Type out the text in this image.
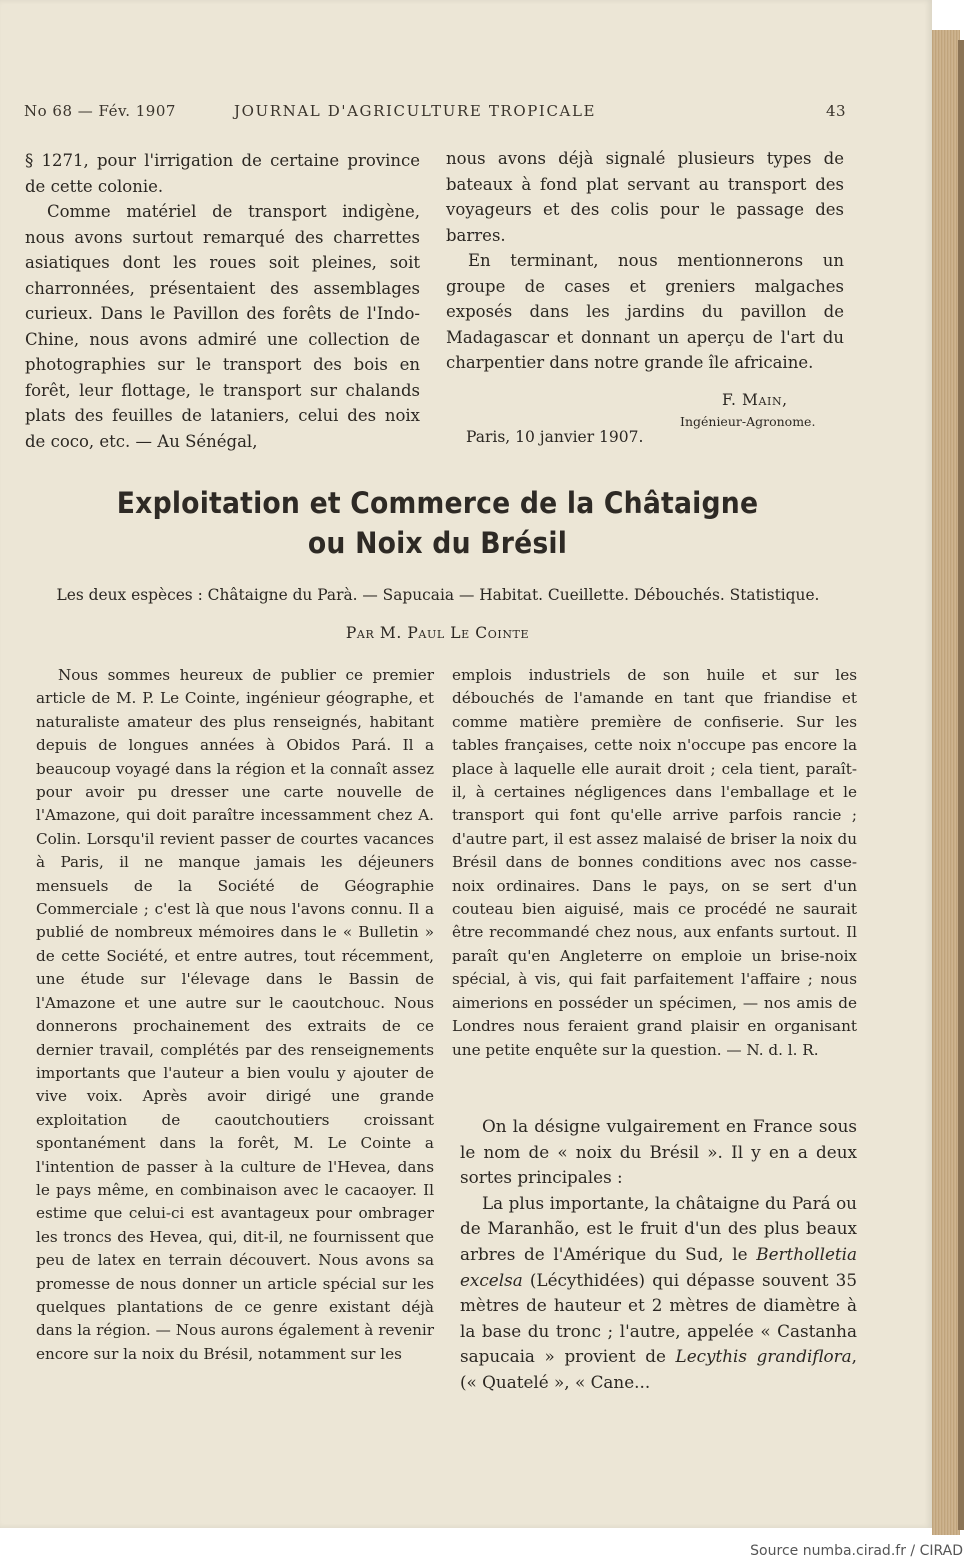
No 68 — Fév. 1907	JOURNAL D'AGRICULTURE TROPICALE	43

§ 1271, pour l'irrigation de certaine province de cette colonie.

Comme matériel de transport indigène, nous avons surtout remarqué des charrettes asiatiques dont les roues soit pleines, soit charronnées, présentaient des assemblages curieux. Dans le Pavillon des forêts de l'Indo-Chine, nous avons admiré une collection de photographies sur le transport des bois en forêt, leur flottage, le transport sur chalands plats des feuilles de lataniers, celui des noix de coco, etc. — Au Sénégal,

nous avons déjà signalé plusieurs types de bateaux à fond plat servant au transport des voyageurs et des colis pour le passage des barres.

En terminant, nous mentionnerons un groupe de cases et greniers malgaches exposés dans les jardins du pavillon de Madagascar et donnant un aperçu de l'art du charpentier dans notre grande île africaine.

F. Main,
Ingénieur-Agronome.
Paris, 10 janvier 1907.
Exploitation et Commerce de la Châtaigne
ou Noix du Brésil
Les deux espèces : Châtaigne du Parà. — Sapucaia — Habitat. Cueillette. Débouchés. Statistique.
Par M. Paul Le Cointe

Nous sommes heureux de publier ce premier article de M. P. Le Cointe, ingénieur géographe, et naturaliste amateur des plus renseignés, habitant depuis de longues années à Obidos Pará. Il a beaucoup voyagé dans la région et la connaît assez pour avoir pu dresser une carte nouvelle de l'Amazone, qui doit paraître incessamment chez A. Colin. Lorsqu'il revient passer de courtes vacances à Paris, il ne manque jamais les déjeuners mensuels de la Société de Géographie Commerciale ; c'est là que nous l'avons connu. Il a publié de nombreux mémoires dans le « Bulletin » de cette Société, et entre autres, tout récemment, une étude sur l'élevage dans le Bassin de l'Amazone et une autre sur le caoutchouc. Nous donnerons prochainement des extraits de ce dernier travail, complétés par des renseignements importants que l'auteur a bien voulu y ajouter de vive voix. Après avoir dirigé une grande exploitation de caoutchoutiers croissant spontanément dans la forêt, M. Le Cointe a l'intention de passer à la culture de l'Hevea, dans le pays même, en combinaison avec le cacaoyer. Il estime que celui-ci est avantageux pour ombrager les troncs des Hevea, qui, dit-il, ne fournissent que peu de latex en terrain découvert. Nous avons sa promesse de nous donner un article spécial sur les quelques plantations de ce genre existant déjà dans la région. — Nous aurons également à revenir encore sur la noix du Brésil, notamment sur les

emplois industriels de son huile et sur les débouchés de l'amande en tant que friandise et comme matière première de confiserie. Sur les tables françaises, cette noix n'occupe pas encore la place à laquelle elle aurait droit ; cela tient, paraît-il, à certaines négligences dans l'emballage et le transport qui font qu'elle arrive parfois rancie ; d'autre part, il est assez malaisé de briser la noix du Brésil dans de bonnes conditions avec nos casse-noix ordinaires. Dans le pays, on se sert d'un couteau bien aiguisé, mais ce procédé ne saurait être recommandé chez nous, aux enfants surtout. Il paraît qu'en Angleterre on emploie un brise-noix spécial, à vis, qui fait parfaitement l'affaire ; nous aimerions en posséder un spécimen, — nos amis de Londres nous feraient grand plaisir en organisant une petite enquête sur la question. — N. d. l. R.

On la désigne vulgairement en France sous le nom de « noix du Brésil ». Il y en a deux sortes principales :

La plus importante, la châtaigne du Pará ou de Maranhão, est le fruit d'un des plus beaux arbres de l'Amérique du Sud, le Bertholletia excelsa (Lécythidées) qui dépasse souvent 35 mètres de hauteur et 2 mètres de diamètre à la base du tronc ; l'autre, appelée « Castanha sapucaia » provient de Lecythis grandiflora, (« Quatelé », « Cane...

Source numba.cirad.fr / CIRAD
